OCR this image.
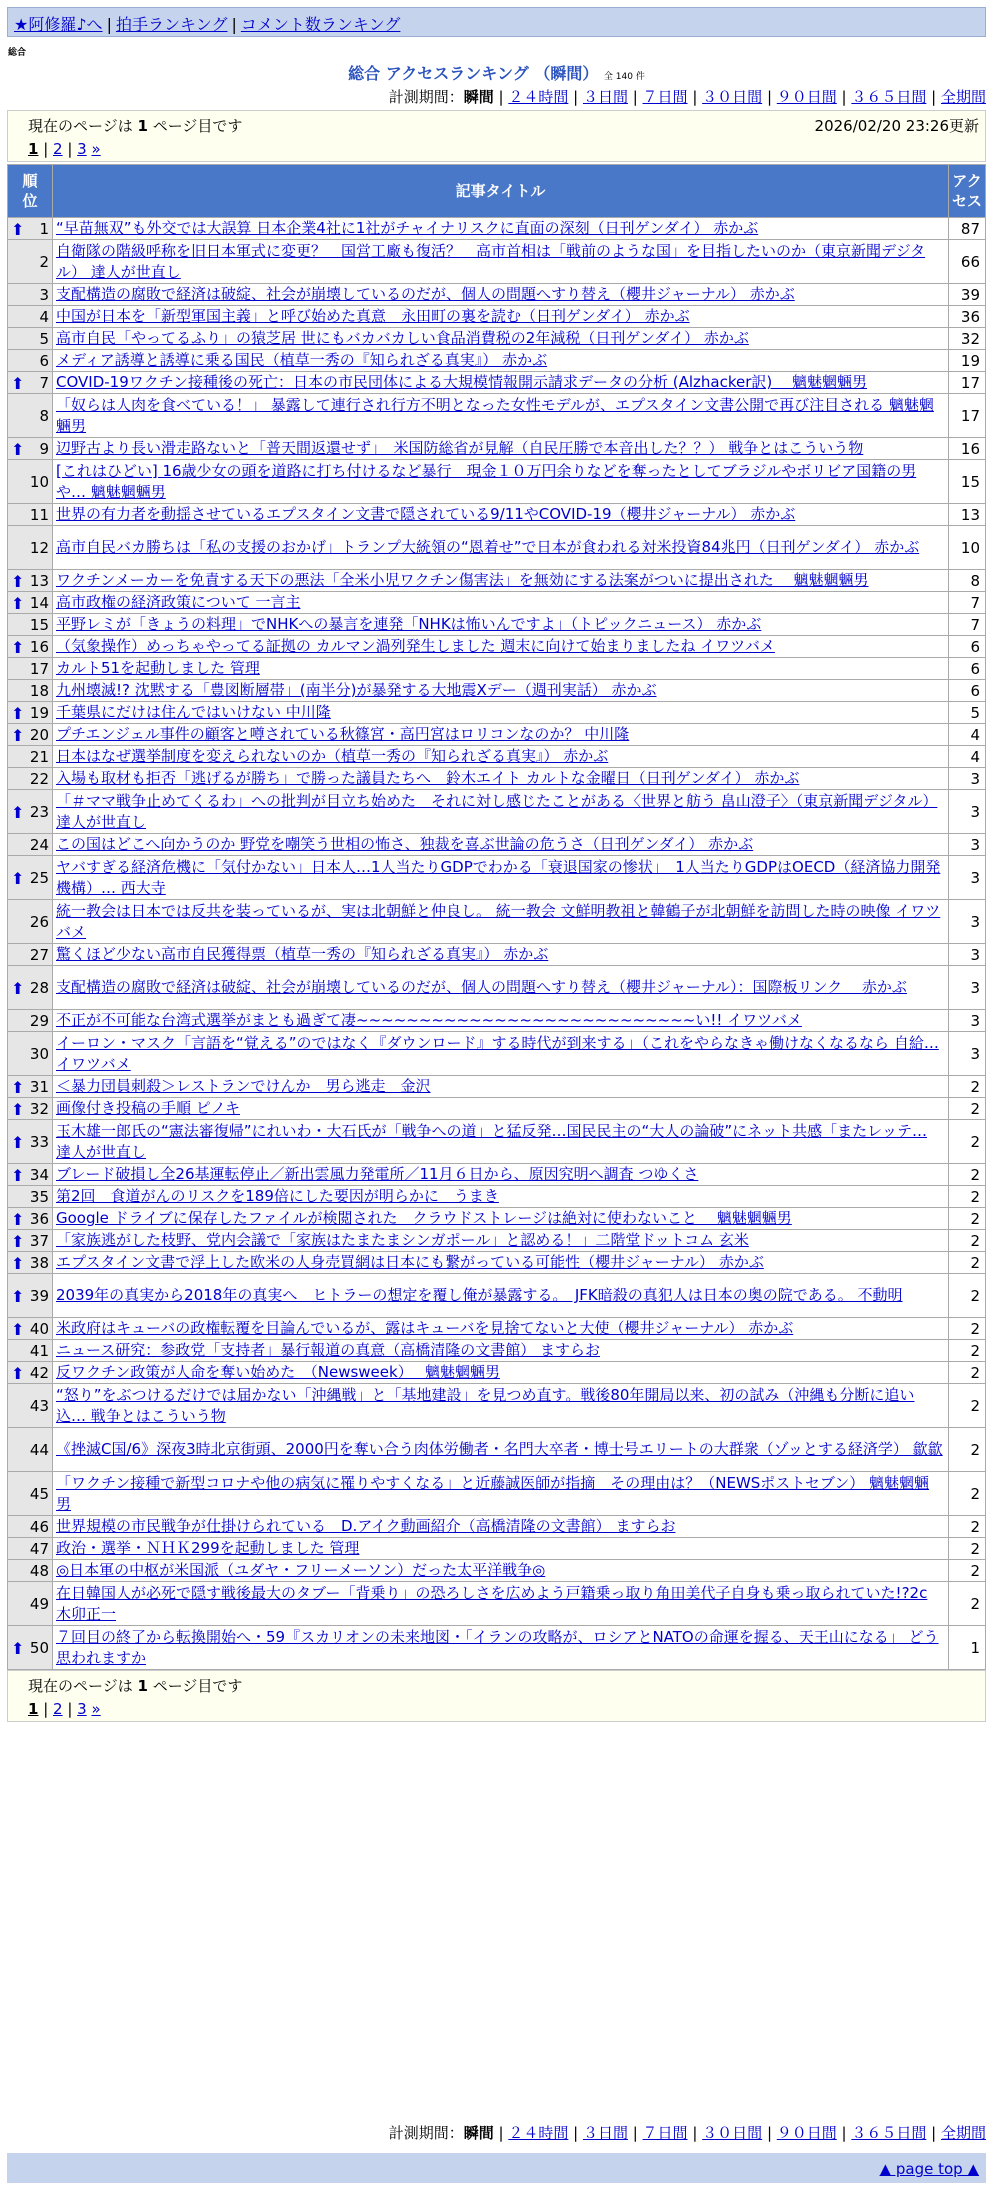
★阿修羅♪へ | 拍手ランキング | コメント数ランキング
総合
総合 アクセスランキング （瞬間） 全 140 件
計測期間：瞬間 | ２４時間 | ３日間 | ７日間 | ３０日間 | ９０日間 | ３６５日間 | 全期間
現在のページは 1 ページ目です	2026/02/20 23:26更新
1 | 2 | 3 »
順
位	記事タイトル	アク
セス

⬆ 1	“早苗無双”も外交では大誤算 日本企業4社に1社がチャイナリスクに直面の深刻（日刊ゲンダイ） 赤かぶ	87
2	自衛隊の階級呼称を旧日本軍式に変更？　国営工廠も復活？　高市首相は「戦前のような国」を目指したいのか（東京新聞デジタル） 達人が世直し	66
3	支配構造の腐敗で経済は破綻、社会が崩壊しているのだが、個人の問題へすり替え（櫻井ジャーナル） 赤かぶ	39
4	中国が日本を「新型軍国主義」と呼び始めた真意　永田町の裏を読む（日刊ゲンダイ） 赤かぶ	36
5	高市自民「やってるふり」の猿芝居 世にもバカバカしい食品消費税の2年減税（日刊ゲンダイ） 赤かぶ	32
6	メディア誘導と誘導に乗る国民（植草一秀の『知られざる真実』） 赤かぶ	19

⬆ 7	COVID-19ワクチン接種後の死亡：日本の市民団体による大規模情報開示請求データの分析 (Alzhacker訳)　 魑魅魍魎男	17
8	「奴らは人肉を食べている！」 暴露して連行され行方不明となった女性モデルが、エプスタイン文書公開で再び注目される 魑魅魍魎男	17

⬆ 9	辺野古より長い滑走路ないと「普天間返還せず」　米国防総省が見解（自民圧勝で本音出した？？） 戦争とはこういう物	16
10	[これはひどい] 16歳少女の頭を道路に打ち付けるなど暴行　現金１０万円余りなどを奪ったとしてブラジルやボリビア国籍の男や… 魑魅魍魎男	15
11	世界の有力者を動揺させているエプスタイン文書で隠されている9/11やCOVID-19（櫻井ジャーナル） 赤かぶ	13
12	高市自民バカ勝ちは「私の支援のおかげ」トランプ大統領の“恩着せ”で日本が食われる対米投資84兆円（日刊ゲンダイ） 赤かぶ	10

⬆ 13	ワクチンメーカーを免責する天下の悪法「全米小児ワクチン傷害法」を無効にする法案がついに提出された　 魑魅魍魎男	8

⬆ 14	高市政権の経済政策について 一言主	7
15	平野レミが「きょうの料理」でNHKへの暴言を連発「NHKは怖いんですよ」（トピックニュース） 赤かぶ	7

⬆ 16	（気象操作）めっちゃやってる証拠の カルマン渦列発生しました 週末に向けて始まりましたね イワツバメ	6
17	カルト51を起動しました 管理	6
18	九州壊滅!? 沈黙する「豊図断層帯」(南半分)が暴発する大地震Xデー（週刊実話） 赤かぶ	6

⬆ 19	千葉県にだけは住んではいけない 中川隆	5

⬆ 20	プチエンジェル事件の顧客と噂されている秋篠宮・高円宮はロリコンなのか？ 中川隆	4
21	日本はなぜ選挙制度を変えられないのか（植草一秀の『知られざる真実』） 赤かぶ	4
22	入場も取材も拒否「逃げるが勝ち」で勝った議員たちへ　鈴木エイト カルトな金曜日（日刊ゲンダイ） 赤かぶ	3

⬆ 23	「＃ママ戦争止めてくるわ」への批判が目立ち始めた　それに対し感じたことがある〈世界と舫う 畠山澄子〉（東京新聞デジタル） 達人が世直し	3
24	この国はどこへ向かうのか 野党を嘲笑う世相の怖さ、独裁を喜ぶ世論の危うさ（日刊ゲンダイ） 赤かぶ	3

⬆ 25	ヤバすぎる経済危機に「気付かない」日本人…1人当たりGDPでわかる「衰退国家の惨状」　1人当たりGDPはOECD（経済協力開発機構）… 西大寺	3
26	統一教会は日本では反共を装っているが、実は北朝鮮と仲良し。 統一教会 文鮮明教祖と韓鶴子が北朝鮮を訪問した時の映像 イワツバメ	3
27	驚くほど少ない高市自民獲得票（植草一秀の『知られざる真実』） 赤かぶ	3

⬆ 28	支配構造の腐敗で経済は破綻、社会が崩壊しているのだが、個人の問題へすり替え（櫻井ジャーナル）：国際板リンク　 赤かぶ	3
29	不正が不可能な台湾式選挙がまとも過ぎて凄~~~~~~~~~~~~~~~~~~~~~~~~~~~い!! イワツバメ	3
30	イーロン・マスク「言語を“覚える”のではなく『ダウンロード』する時代が到来する」（これをやらなきゃ働けなくなるなら 自給… イワツバメ	3

⬆ 31	＜暴力団員刺殺＞レストランでけんか　男ら逃走　金沢	2

⬆ 32	画像付き投稿の手順 ピノキ	2

⬆ 33	玉木雄一郎氏の“憲法審復帰”にれいわ・大石氏が「戦争への道」と猛反発…国民民主の“大人の論破”にネット共感「またレッテ… 達人が世直し	2

⬆ 34	ブレード破損し全26基運転停止／新出雲風力発電所／11月６日から、原因究明へ調査 つゆくさ	2
35	第2回　食道がんのリスクを189倍にした要因が明らかに　うまき	2

⬆ 36	Google ドライブに保存したファイルが検閲された　クラウドストレージは絶対に使わないこと　 魑魅魍魎男	2

⬆ 37	「家族逃がした枝野、党内会議で「家族はたまたまシンガポール」と認める！」二階堂ドットコム 玄米	2

⬆ 38	エプスタイン文書で浮上した欧米の人身売買網は日本にも繋がっている可能性（櫻井ジャーナル） 赤かぶ	2

⬆ 39	2039年の真実から2018年の真実へ　ヒトラーの想定を覆し俺が暴露する。　JFK暗殺の真犯人は日本の奥の院である。 不動明	2

⬆ 40	米政府はキューバの政権転覆を目論んでいるが、露はキューバを見捨てないと大使（櫻井ジャーナル） 赤かぶ	2
41	ニュース研究：参政党「支持者」暴行報道の真意（高橋清隆の文書館） ますらお	2

⬆ 42	反ワクチン政策が人命を奪い始めた　（Newsweek）　 魑魅魍魎男	2
43	“怒り”をぶつけるだけでは届かない「沖縄戦」と「基地建設」を見つめ直す。戦後80年開局以来、初の試み（沖縄も分断に追い込… 戦争とはこういう物	2
44	《挫滅C国/6》深夜3時北京街頭、2000円を奪い合う肉体労働者・名門大卒者・博士号エリートの大群衆（ゾッとする経済学） 歙歙	2
45	「ワクチン接種で新型コロナや他の病気に罹りやすくなる」と近藤誠医師が指摘　その理由は？（NEWSポストセブン） 魑魅魍魎男	2
46	世界規模の市民戦争が仕掛けられている　D.アイク動画紹介（高橋清隆の文書館） ますらお	2
47	政治・選挙・ＮＨＫ299を起動しました 管理	2
48	◎日本軍の中枢が米国派（ユダヤ・フリーメーソン）だった太平洋戦争◎	2
49	在日韓国人が必死で隠す戦後最大のタブー「背乗り」の恐ろしさを広めよう戸籍乗っ取り角田美代子自身も乗っ取られていた!?2c 木卯正一	2

⬆ 50	７回目の終了から転換開始へ・59『スカリオンの未来地図・「イランの攻略が、ロシアとNATOの命運を握る、天王山になる」 どう思われますか	1
現在のページは 1 ページ目です
1 | 2 | 3 »
計測期間：瞬間 | ２４時間 | ３日間 | ７日間 | ３０日間 | ９０日間 | ３６５日間 | 全期間
▲ page top ▲
